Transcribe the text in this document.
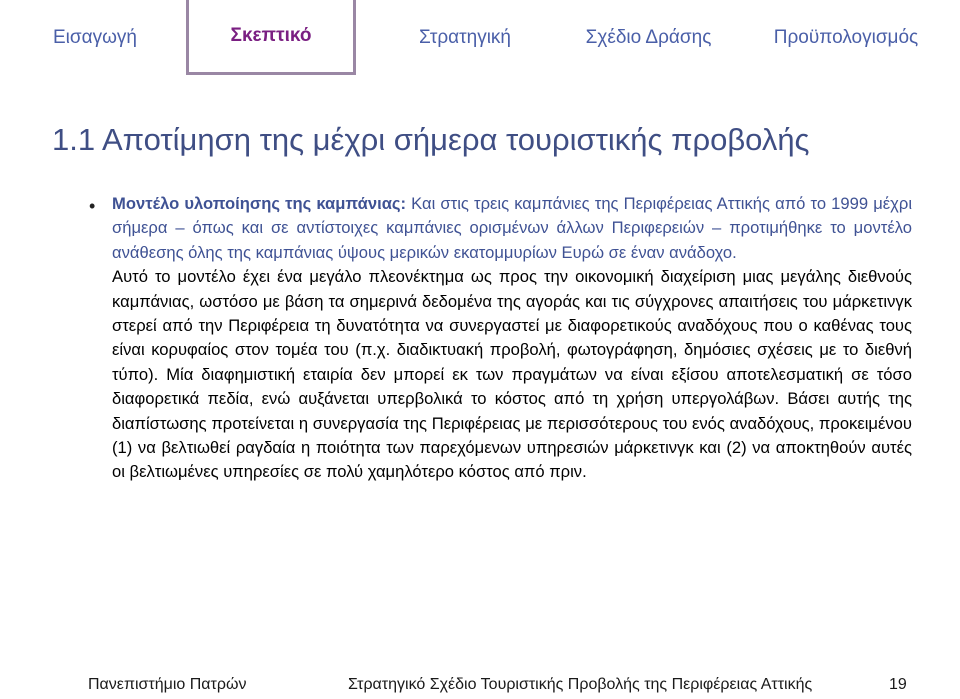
Εισαγωγή	Σκεπτικό	Στρατηγική	Σχέδιο Δράσης	Προϋπολογισμός
1.1 Αποτίμηση της μέχρι σήμερα τουριστικής προβολής
• Μοντέλο υλοποίησης της καμπάνιας: Και στις τρεις καμπάνιες της Περιφέρειας Αττικής από το 1999 μέχρι σήμερα – όπως και σε αντίστοιχες καμπάνιες ορισμένων άλλων Περιφερειών – προτιμήθηκε το μοντέλο ανάθεσης όλης της καμπάνιας ύψους μερικών εκατομμυρίων Ευρώ σε έναν ανάδοχο.

Αυτό το μοντέλο έχει ένα μεγάλο πλεονέκτημα ως προς την οικονομική διαχείριση μιας μεγάλης διεθνούς καμπάνιας, ωστόσο με βάση τα σημερινά δεδομένα της αγοράς και τις σύγχρονες απαιτήσεις του μάρκετινγκ στερεί από την Περιφέρεια τη δυνατότητα να συνεργαστεί με διαφορετικούς αναδόχους που ο καθένας τους είναι κορυφαίος στον τομέα του (π.χ. διαδικτυακή προβολή, φωτογράφηση, δημόσιες σχέσεις με το διεθνή τύπο). Μία διαφημιστική εταιρία δεν μπορεί εκ των πραγμάτων να είναι εξίσου αποτελεσματική σε τόσο διαφορετικά πεδία, ενώ αυξάνεται υπερβολικά το κόστος από τη χρήση υπεργολάβων. Βάσει αυτής της διαπίστωσης προτείνεται η συνεργασία της Περιφέρειας με περισσότερους του ενός αναδόχους, προκειμένου (1) να βελτιωθεί ραγδαία η ποιότητα των παρεχόμενων υπηρεσιών μάρκετινγκ και (2) να αποκτηθούν αυτές οι βελτιωμένες υπηρεσίες σε πολύ χαμηλότερο κόστος από πριν.

Πανεπιστήμιο Πατρών	Στρατηγικό Σχέδιο Τουριστικής Προβολής της Περιφέρειας Αττικής	19
